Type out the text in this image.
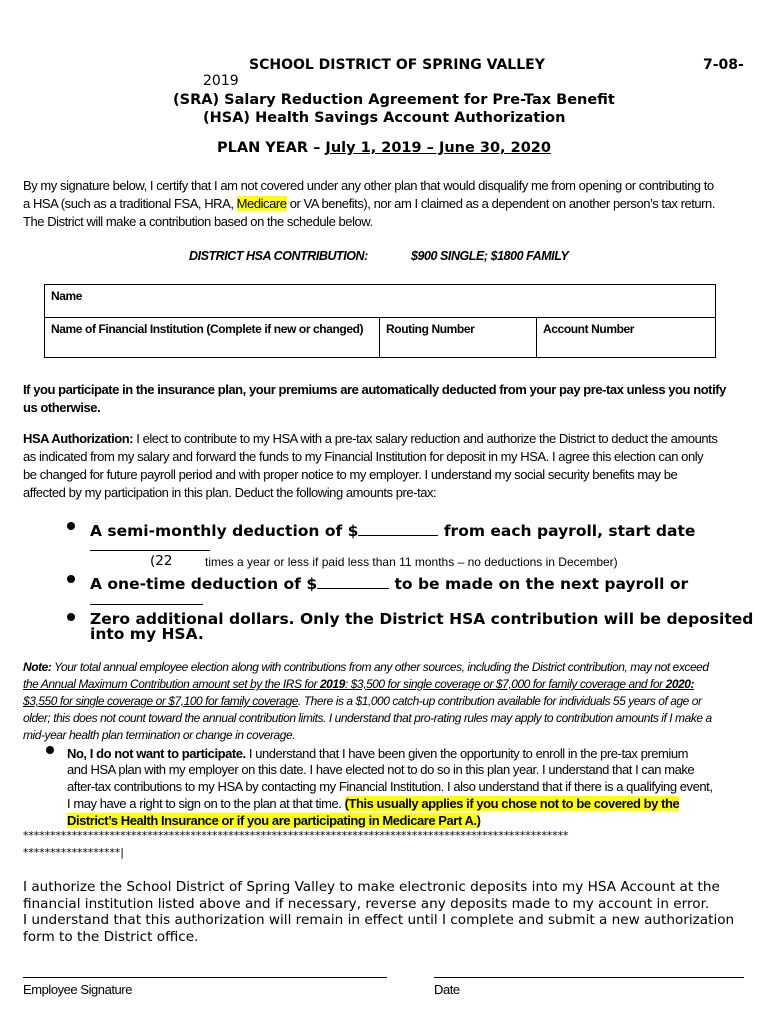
SCHOOL DISTRICT OF SPRING VALLEY	7-08-
2019
(SRA) Salary Reduction Agreement for Pre-Tax Benefit
(HSA) Health Savings Account Authorization
PLAN YEAR – July 1, 2019 – June 30, 2020
By my signature below, I certify that I am not covered under any other plan that would disqualify me from opening or contributing to
a HSA (such as a traditional FSA, HRA, Medicare or VA benefits), nor am I claimed as a dependent on another person’s tax return.
The District will make a contribution based on the schedule below.
DISTRICT HSA CONTRIBUTION:	$900 SINGLE; $1800 FAMILY
Name
Name of Financial Institution (Complete if new or changed)	Routing Number	Account Number
If you participate in the insurance plan, your premiums are automatically deducted from your pay pre-tax unless you notify
us otherwise.
HSA Authorization: I elect to contribute to my HSA with a pre-tax salary reduction and authorize the District to deduct the amounts
as indicated from my salary and forward the funds to my Financial Institution for deposit in my HSA. I agree this election can only
be changed for future payroll period and with proper notice to my employer. I understand my social security benefits may be
affected by my participation in this plan. Deduct the following amounts pre-tax:
A semi-monthly deduction of $	from each payroll, start date
(22	times a year or less if paid less than 11 months – no deductions in December)
A one-time deduction of $	to be made on the next payroll or
Zero additional dollars. Only the District HSA contribution will be deposited
into my HSA.
Note: Your total annual employee election along with contributions from any other sources, including the District contribution, may not exceed
the Annual Maximum Contribution amount set by the IRS for 2019: $3,500 for single coverage or $7,000 for family coverage and for 2020:
$3,550 for single coverage or $7,100 for family coverage. There is a $1,000 catch-up contribution available for individuals 55 years of age or
older; this does not count toward the annual contribution limits. I understand that pro-rating rules may apply to contribution amounts if I make a
mid-year health plan termination or change in coverage.
No, I do not want to participate. I understand that I have been given the opportunity to enroll in the pre-tax premium
and HSA plan with my employer on this date. I have elected not to do so in this plan year. I understand that I can make
after-tax contributions to my HSA by contacting my Financial Institution. I also understand that if there is a qualifying event,
I may have a right to sign on to the plan at that time. (This usually applies if you chose not to be covered by the
District’s Health Insurance or if you are participating in Medicare Part A.)
*****************************************************************************************************
******************|
I authorize the School District of Spring Valley to make electronic deposits into my HSA Account at the
financial institution listed above and if necessary, reverse any deposits made to my account in error.
I understand that this authorization will remain in effect until I complete and submit a new authorization
form to the District office.
Employee Signature	Date
